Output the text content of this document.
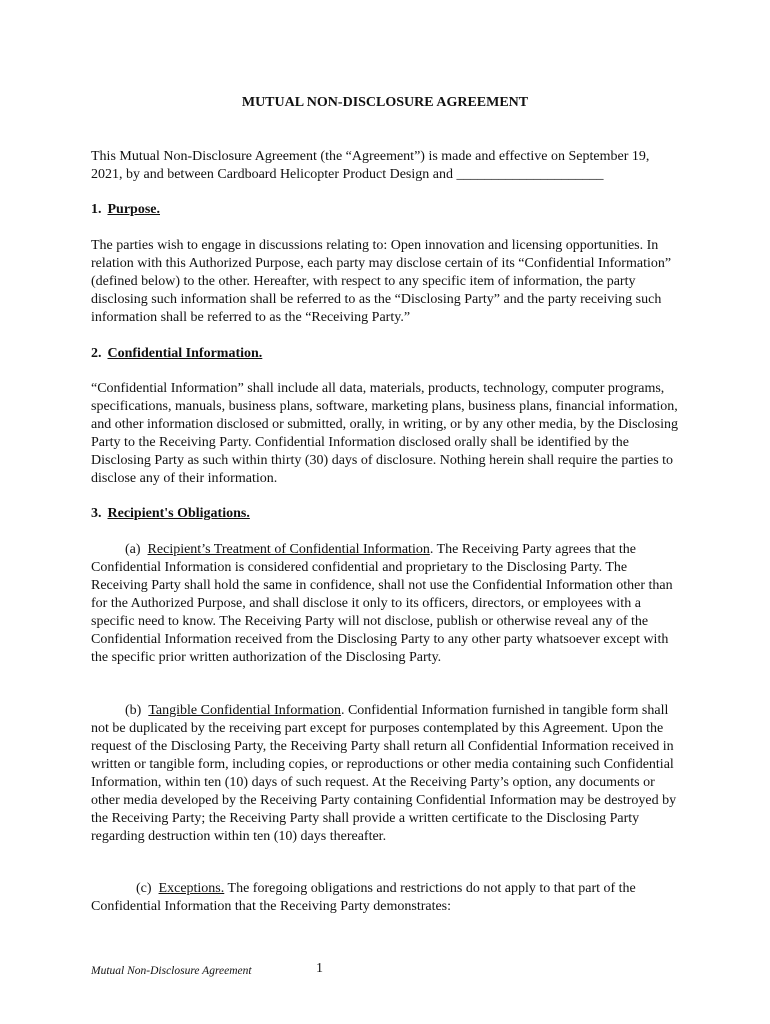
MUTUAL NON-DISCLOSURE AGREEMENT

This Mutual Non-Disclosure Agreement (the “Agreement”) is made and effective on September 19, 2021, by and between Cardboard Helicopter Product Design and _____________________

1. Purpose.

The parties wish to engage in discussions relating to: Open innovation and licensing opportunities. In relation with this Authorized Purpose, each party may disclose certain of its “Confidential Information” (defined below) to the other. Hereafter, with respect to any specific item of information, the party disclosing such information shall be referred to as the “Disclosing Party” and the party receiving such information shall be referred to as the “Receiving Party.”

2. Confidential Information.

“Confidential Information” shall include all data, materials, products, technology, computer programs, specifications, manuals, business plans, software, marketing plans, business plans, financial information, and other information disclosed or submitted, orally, in writing, or by any other media, by the Disclosing Party to the Receiving Party. Confidential Information disclosed orally shall be identified by the Disclosing Party as such within thirty (30) days of disclosure. Nothing herein shall require the parties to disclose any of their information.

3. Recipient's Obligations.

(a) Recipient’s Treatment of Confidential Information. The Receiving Party agrees that the Confidential Information is considered confidential and proprietary to the Disclosing Party. The Receiving Party shall hold the same in confidence, shall not use the Confidential Information other than for the Authorized Purpose, and shall disclose it only to its officers, directors, or employees with a specific need to know. The Receiving Party will not disclose, publish or otherwise reveal any of the Confidential Information received from the Disclosing Party to any other party whatsoever except with the specific prior written authorization of the Disclosing Party.

(b) Tangible Confidential Information. Confidential Information furnished in tangible form shall not be duplicated by the receiving part except for purposes contemplated by this Agreement. Upon the request of the Disclosing Party, the Receiving Party shall return all Confidential Information received in written or tangible form, including copies, or reproductions or other media containing such Confidential Information, within ten (10) days of such request. At the Receiving Party’s option, any documents or other media developed by the Receiving Party containing Confidential Information may be destroyed by the Receiving Party; the Receiving Party shall provide a written certificate to the Disclosing Party regarding destruction within ten (10) days thereafter.

(c) Exceptions. The foregoing obligations and restrictions do not apply to that part of the Confidential Information that the Receiving Party demonstrates:

Mutual Non-Disclosure Agreement	1
